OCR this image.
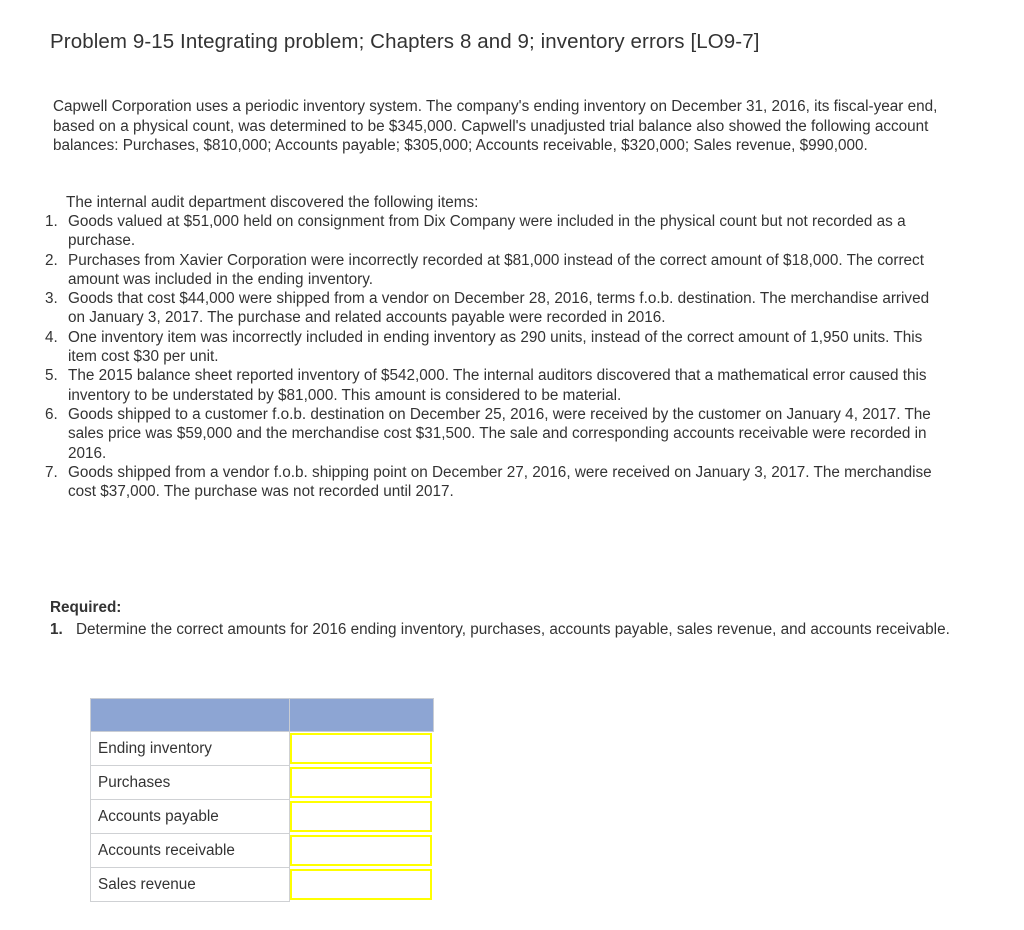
Problem 9-15 Integrating problem; Chapters 8 and 9; inventory errors [LO9-7]

Capwell Corporation uses a periodic inventory system. The company's ending inventory on December 31, 2016, its fiscal-year end, based on a physical count, was determined to be $345,000. Capwell's unadjusted trial balance also showed the following account balances: Purchases, $810,000; Accounts payable; $305,000; Accounts receivable, $320,000; Sales revenue, $990,000.

The internal audit department discovered the following items:
1. Goods valued at $51,000 held on consignment from Dix Company were included in the physical count but not recorded as a purchase.
2. Purchases from Xavier Corporation were incorrectly recorded at $81,000 instead of the correct amount of $18,000. The correct amount was included in the ending inventory.
3. Goods that cost $44,000 were shipped from a vendor on December 28, 2016, terms f.o.b. destination. The merchandise arrived on January 3, 2017. The purchase and related accounts payable were recorded in 2016.
4. One inventory item was incorrectly included in ending inventory as 290 units, instead of the correct amount of 1,950 units. This item cost $30 per unit.
5. The 2015 balance sheet reported inventory of $542,000. The internal auditors discovered that a mathematical error caused this inventory to be understated by $81,000. This amount is considered to be material.
6. Goods shipped to a customer f.o.b. destination on December 25, 2016, were received by the customer on January 4, 2017. The sales price was $59,000 and the merchandise cost $31,500. The sale and corresponding accounts receivable were recorded in 2016.
7. Goods shipped from a vendor f.o.b. shipping point on December 27, 2016, were received on January 3, 2017. The merchandise cost $37,000. The purchase was not recorded until 2017.
Required:
1. Determine the correct amounts for 2016 ending inventory, purchases, accounts payable, sales revenue, and accounts receivable.

Ending inventory	

Purchases	

Accounts payable	

Accounts receivable	

Sales revenue	
